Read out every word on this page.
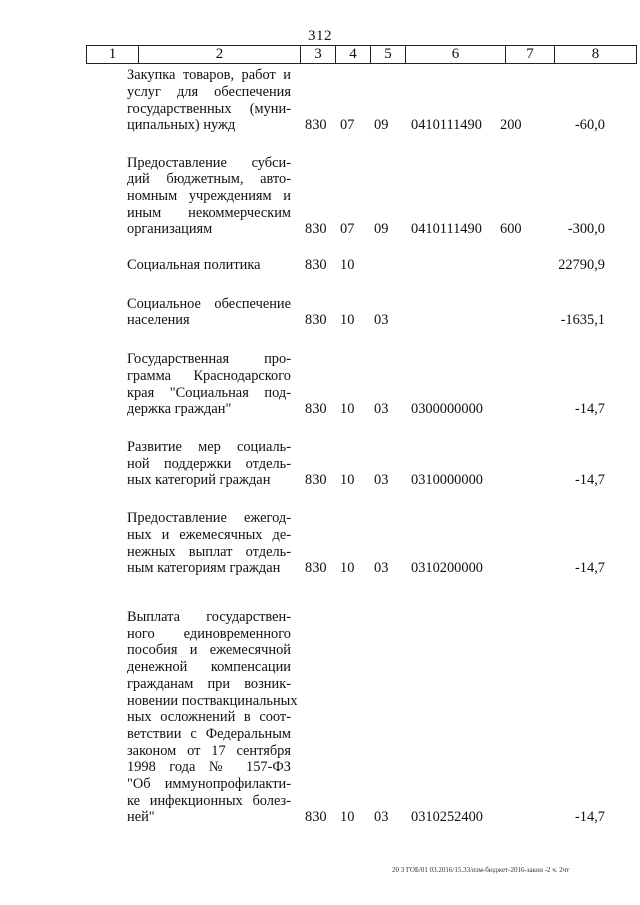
312
1	2	3	4	5	6	7	8
Закупка товаров, работ и
услуг для обеспечения
государственных (муни-
ципальных) нужд	830 07 09 0410111490 200	-60,0
Предоставление субси-
дий бюджетным, авто-
номным учреждениям и
иным некоммерческим
организациям	830 07 09 0410111490 600	-300,0
Социальная политика	830 10	22790,9
Социальное обеспечение
населения	830 10 03	-1635,1
Государственная про-
грамма Краснодарского
края "Социальная под-
держка граждан"	830 10 03 0300000000	-14,7
Развитие мер социаль-
ной поддержки отдель-
ных категорий граждан	830 10 03 0310000000	-14,7
Предоставление ежегод-
ных и ежемесячных де-
нежных выплат отдель-
ным категориям граждан	830 10 03 0310200000	-14,7
Выплата государствен-
ного единовременного
пособия и ежемесячной
денежной компенсации
гражданам при возник-
новении поствакцинальных
ных осложнений в соот-
ветствии с Федеральным
законом от 17 сентября
1998 года № 157-ФЗ
"Об иммунопрофилакти-
ке инфекционных болез-
ней"	830 10 03 0310252400	-14,7
20 3 ГОБ/01 03.2016/15.33/изм-бюджет-2016-закон -2 ч. 2чт
